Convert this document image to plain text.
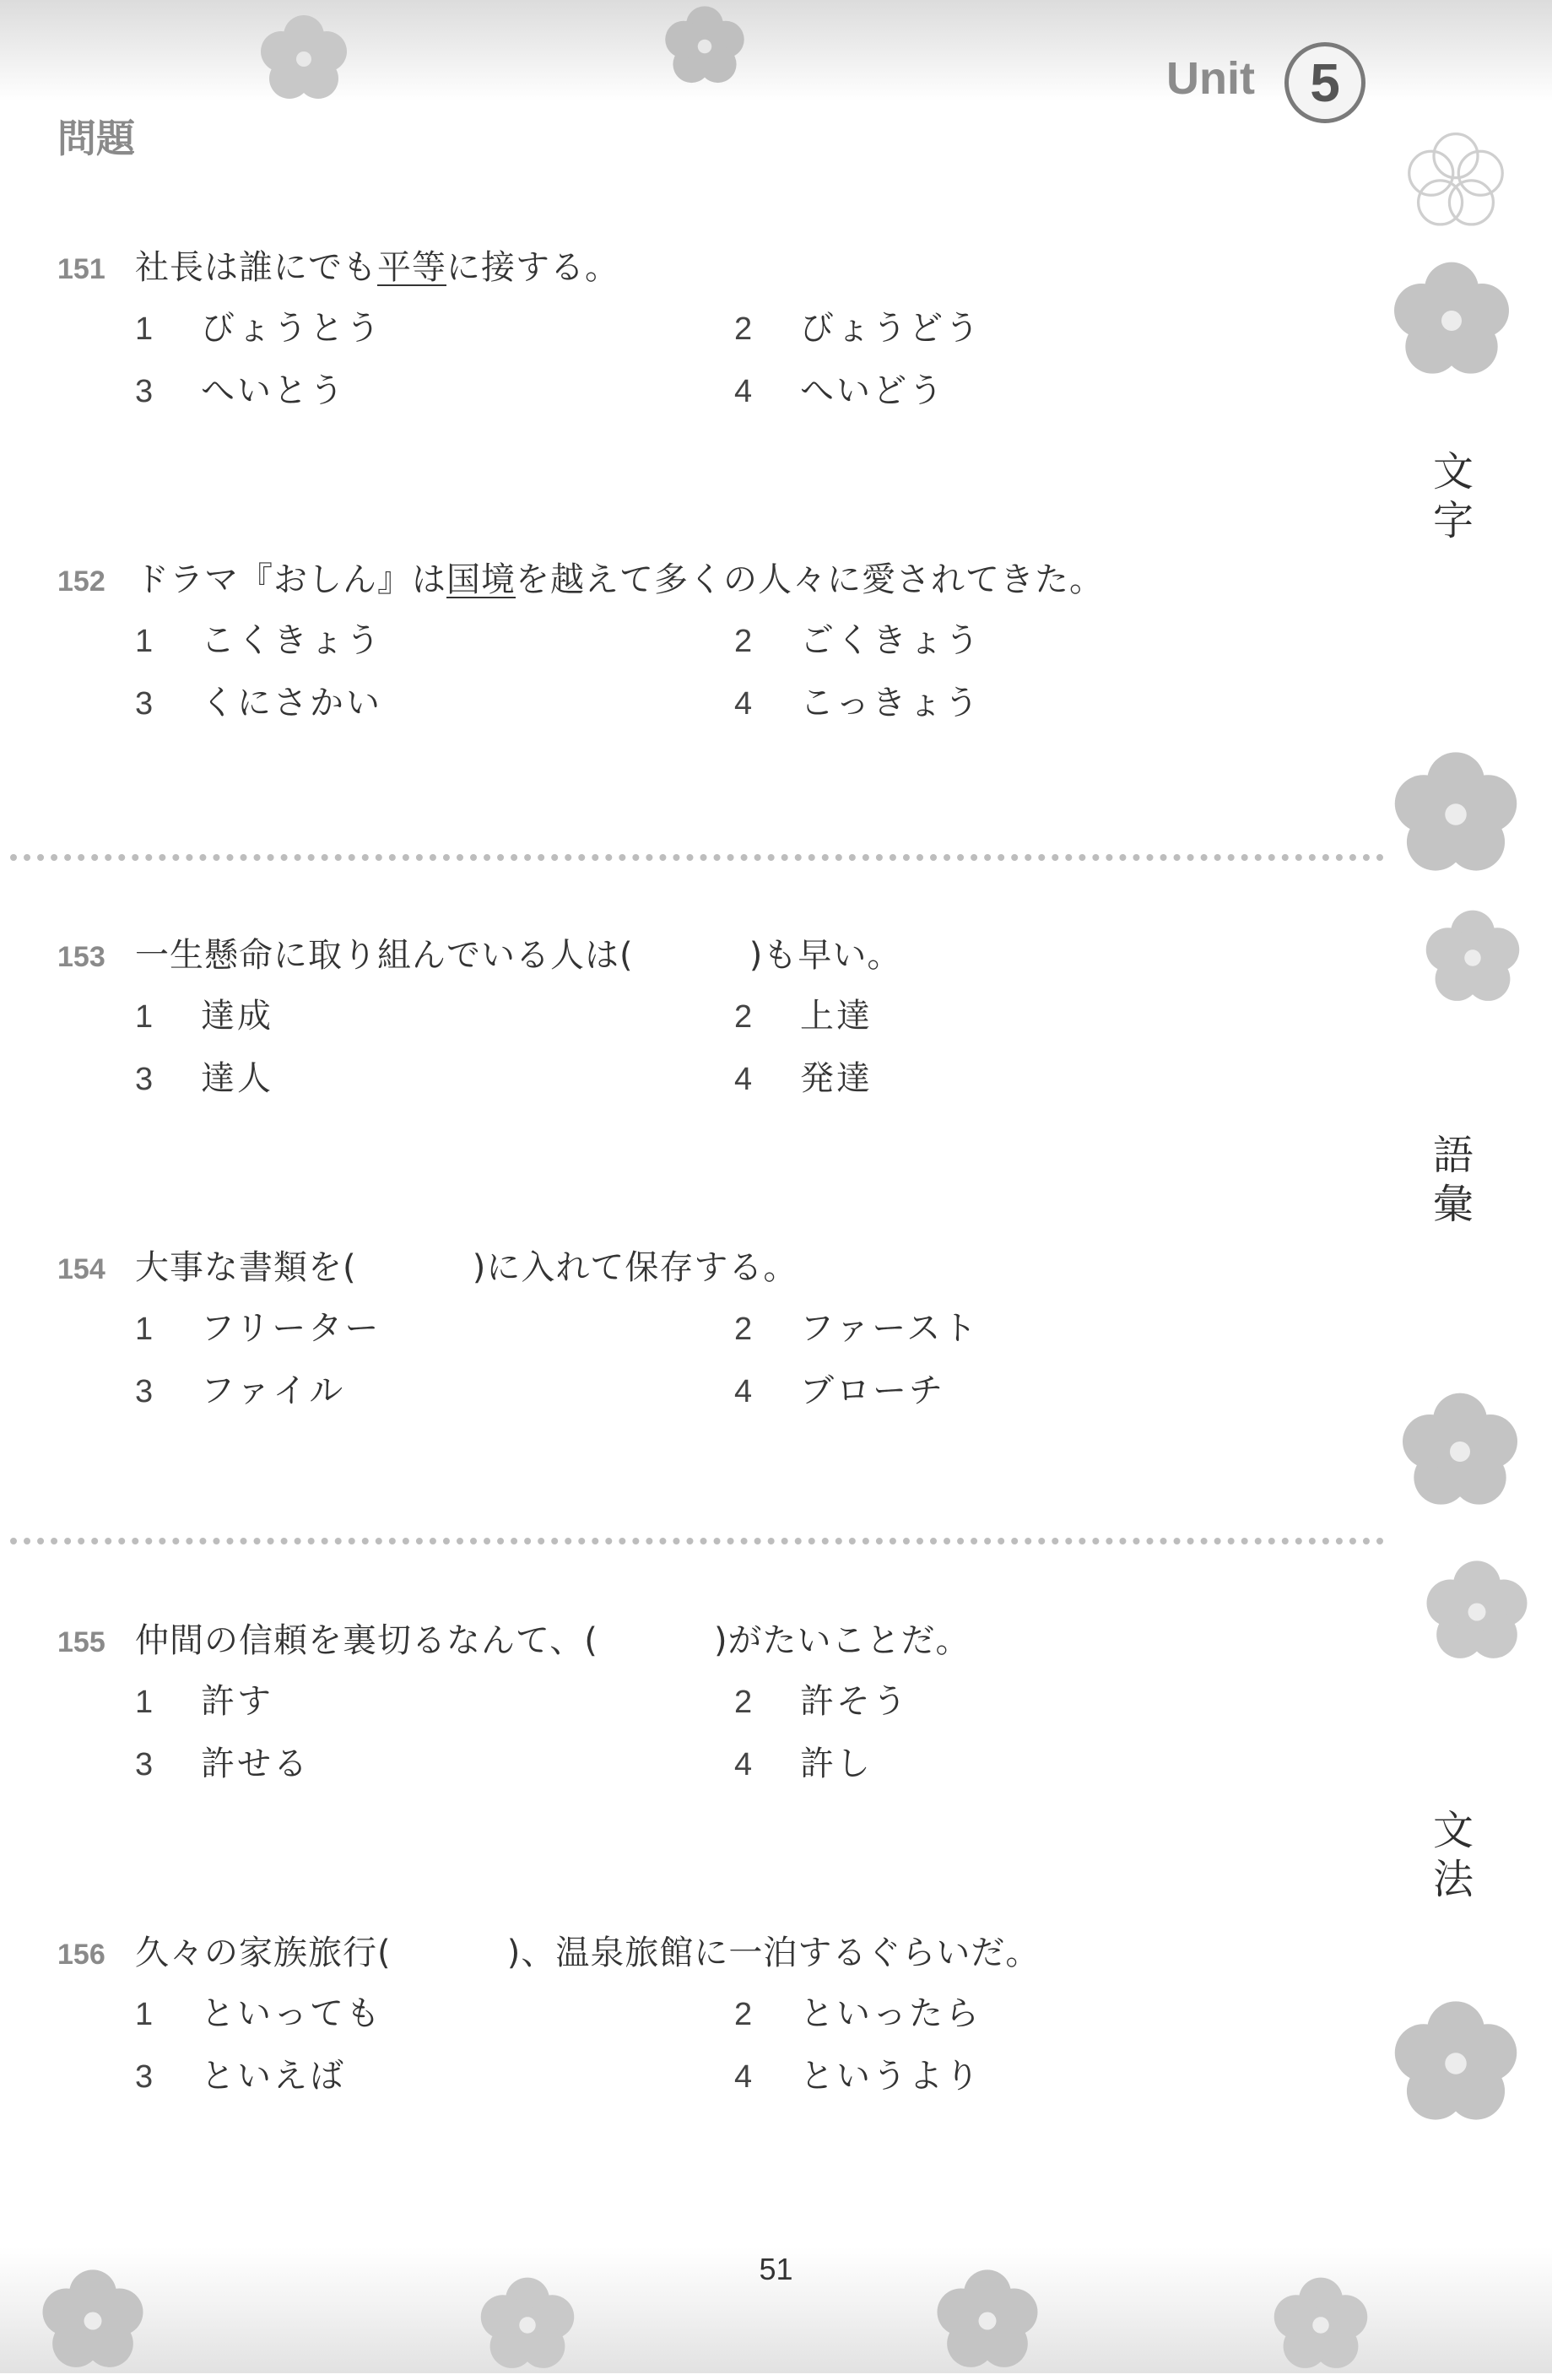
Unit 5
問題
文
字
語
彙
文
法
151 社長は誰にでも平等に接する。
1	びょうとう	2	びょうどう
3	へいとう	4	へいどう
152 ドラマ『おしん』は国境を越えて多くの人々に愛されてきた。
1	こくきょう	2	ごくきょう
3	くにさかい	4	こっきょう
153 一生懸命に取り組んでいる人は(          )も早い。
1	達成	2	上達
3	達人	4	発達
154 大事な書類を(          )に入れて保存する。
1	フリーター	2	ファースト
3	ファイル	4	ブローチ
155 仲間の信頼を裏切るなんて、(          )がたいことだ。
1	許す	2	許そう
3	許せる	4	許し
156 久々の家族旅行(          )、温泉旅館に一泊するぐらいだ。
1	といっても	2	といったら
3	といえば	4	というより
51
